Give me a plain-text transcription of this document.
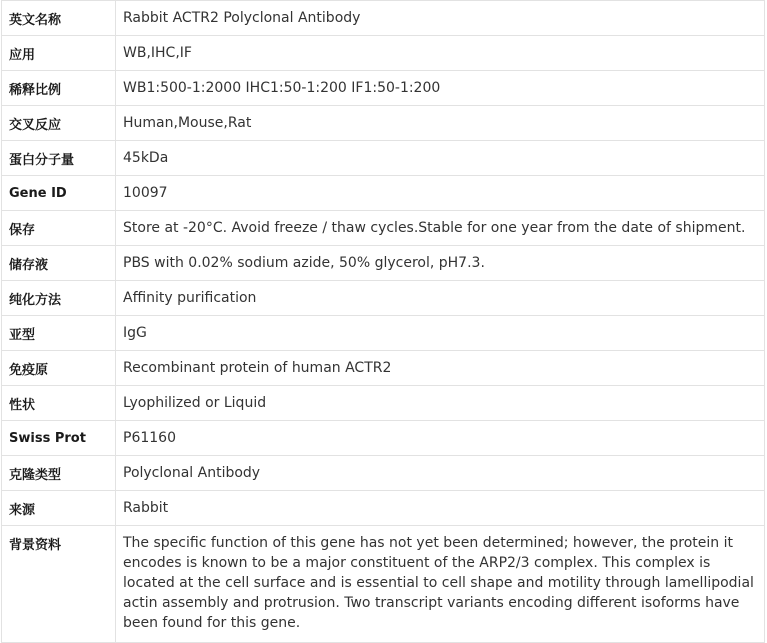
英文名称	Rabbit ACTR2 Polyclonal Antibody
应用	WB,IHC,IF
稀释比例	WB1:500-1:2000 IHC1:50-1:200 IF1:50-1:200
交叉反应	Human,Mouse,Rat
蛋白分子量	45kDa
Gene ID	10097
保存	Store at -20°C. Avoid freeze / thaw cycles.Stable for one year from the date of shipment.
储存液	PBS with 0.02% sodium azide, 50% glycerol, pH7.3.
纯化方法	Affinity purification
亚型	IgG
免疫原	Recombinant protein of human ACTR2
性状	Lyophilized or Liquid
Swiss Prot	P61160
克隆类型	Polyclonal Antibody
来源	Rabbit
背景资料	The specific function of this gene has not yet been determined; however, the protein it encodes is known to be a major constituent of the ARP2/3 complex. This complex is located at the cell surface and is essential to cell shape and motility through lamellipodial actin assembly and protrusion. Two transcript variants encoding different isoforms have been found for this gene.
